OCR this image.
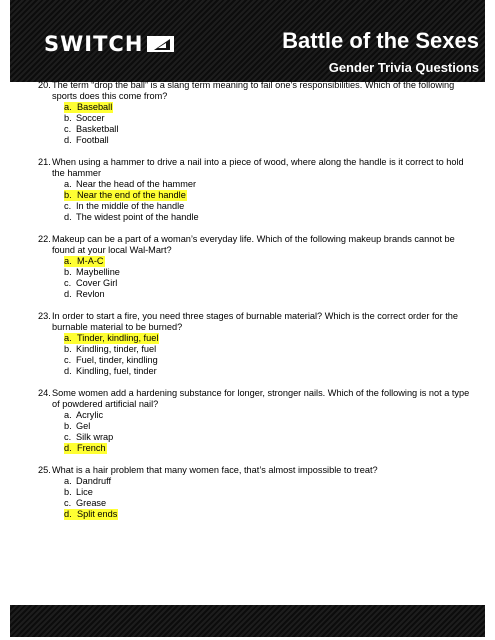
SWITCH	Battle of the Sexes
Gender Trivia Questions
20. The term “drop the ball” is a slang term meaning to fail one’s responsibilities. Which of the following sports does this come from?
a. Baseball
b. Soccer
c. Basketball
d. Football
21. When using a hammer to drive a nail into a piece of wood, where along the handle is it correct to hold the hammer
a. Near the head of the hammer
b. Near the end of the handle
c. In the middle of the handle
d. The widest point of the handle
22. Makeup can be a part of a woman’s everyday life. Which of the following makeup brands cannot be found at your local Wal-Mart?
a. M-A-C
b. Maybelline
c. Cover Girl
d. Revlon
23. In order to start a fire, you need three stages of burnable material? Which is the correct order for the burnable material to be burned?
a. Tinder, kindling, fuel
b. Kindling, tinder, fuel
c. Fuel, tinder, kindling
d. Kindling, fuel, tinder
24. Some women add a hardening substance for longer, stronger nails. Which of the following is not a type of powdered artificial nail?
a. Acrylic
b. Gel
c. Silk wrap
d. French
25. What is a hair problem that many women face, that’s almost impossible to treat?
a. Dandruff
b. Lice
c. Grease
d. Split ends
